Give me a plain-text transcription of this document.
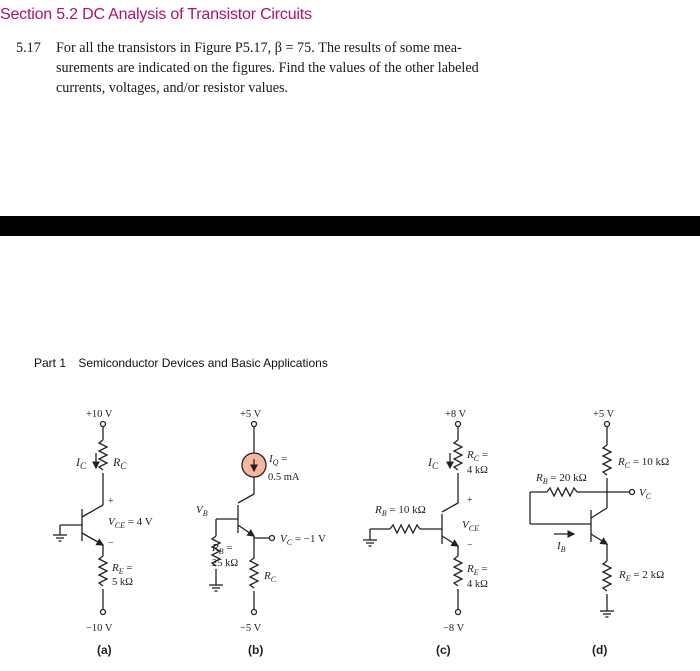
Section 5.2 DC Analysis of Transistor Circuits
5.17 For all the transistors in Figure P5.17, β = 75. The results of some mea-
surements are indicated on the figures. Find the values of the other labeled
currents, voltages, and/or resistor values.
Part 1 Semiconductor Devices and Basic Applications
+10 V
$I_C$ $R_C$
+
$V_{CE} = 4$ V
−
$R_E$ =
5 kΩ
−10 V
(a)
+5 V
$I_Q$ =
0.5 mA
$V_B$
$V_C = -1$ V
$R_B$ =
25 kΩ
$R_C$
−5 V
(b)
+8 V
$I_C$
$R_C$ =
4 kΩ
$R_B = 10$ kΩ
+
$V_{CE}$
−
$R_E$ =
4 kΩ
−8 V
(c)
+5 V
$R_C = 10$ kΩ
$R_B = 20$ kΩ
$V_C$
$I_B$
$R_E = 2$ kΩ
(d)
